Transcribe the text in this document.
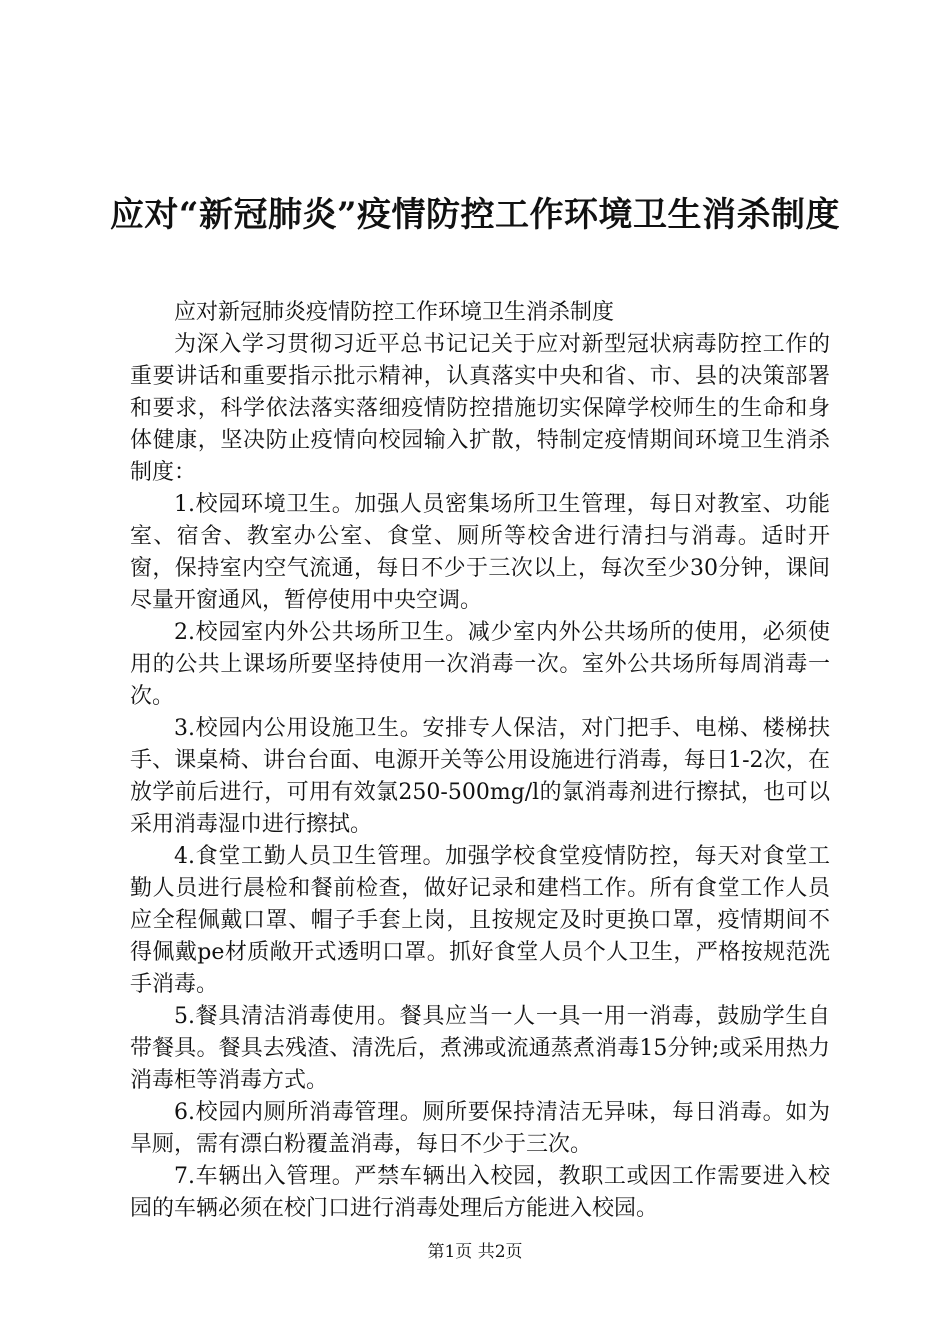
应对“新冠肺炎”疫情防控工作环境卫生消杀制度

应对新冠肺炎疫情防控工作环境卫生消杀制度

为深入学习贯彻习近平总书记记关于应对新型冠状病毒防控工作的重要讲话和重要指示批示精神，认真落实中央和省、市、县的决策部署和要求，科学依法落实落细疫情防控措施切实保障学校师生的生命和身体健康，坚决防止疫情向校园输入扩散，特制定疫情期间环境卫生消杀制度：

1.校园环境卫生。加强人员密集场所卫生管理，每日对教室、功能室、宿舍、教室办公室、食堂、厕所等校舍进行清扫与消毒。适时开窗，保持室内空气流通，每日不少于三次以上，每次至少30分钟，课间尽量开窗通风，暂停使用中央空调。

2.校园室内外公共场所卫生。减少室内外公共场所的使用，必须使用的公共上课场所要坚持使用一次消毒一次。室外公共场所每周消毒一次。

3.校园内公用设施卫生。安排专人保洁，对门把手、电梯、楼梯扶手、课桌椅、讲台台面、电源开关等公用设施进行消毒，每日1-2次，在放学前后进行，可用有效氯250-500mg/l的氯消毒剂进行擦拭，也可以采用消毒湿巾进行擦拭。

4.食堂工勤人员卫生管理。加强学校食堂疫情防控，每天对食堂工勤人员进行晨检和餐前检查，做好记录和建档工作。所有食堂工作人员应全程佩戴口罩、帽子手套上岗，且按规定及时更换口罩，疫情期间不得佩戴pe材质敞开式透明口罩。抓好食堂人员个人卫生，严格按规范洗手消毒。

5.餐具清洁消毒使用。餐具应当一人一具一用一消毒，鼓励学生自带餐具。餐具去残渣、清洗后，煮沸或流通蒸煮消毒15分钟;或采用热力消毒柜等消毒方式。

6.校园内厕所消毒管理。厕所要保持清洁无异味，每日消毒。如为旱厕，需有漂白粉覆盖消毒，每日不少于三次。

7.车辆出入管理。严禁车辆出入校园，教职工或因工作需要进入校园的车辆必须在校门口进行消毒处理后方能进入校园。

第1页 共2页
